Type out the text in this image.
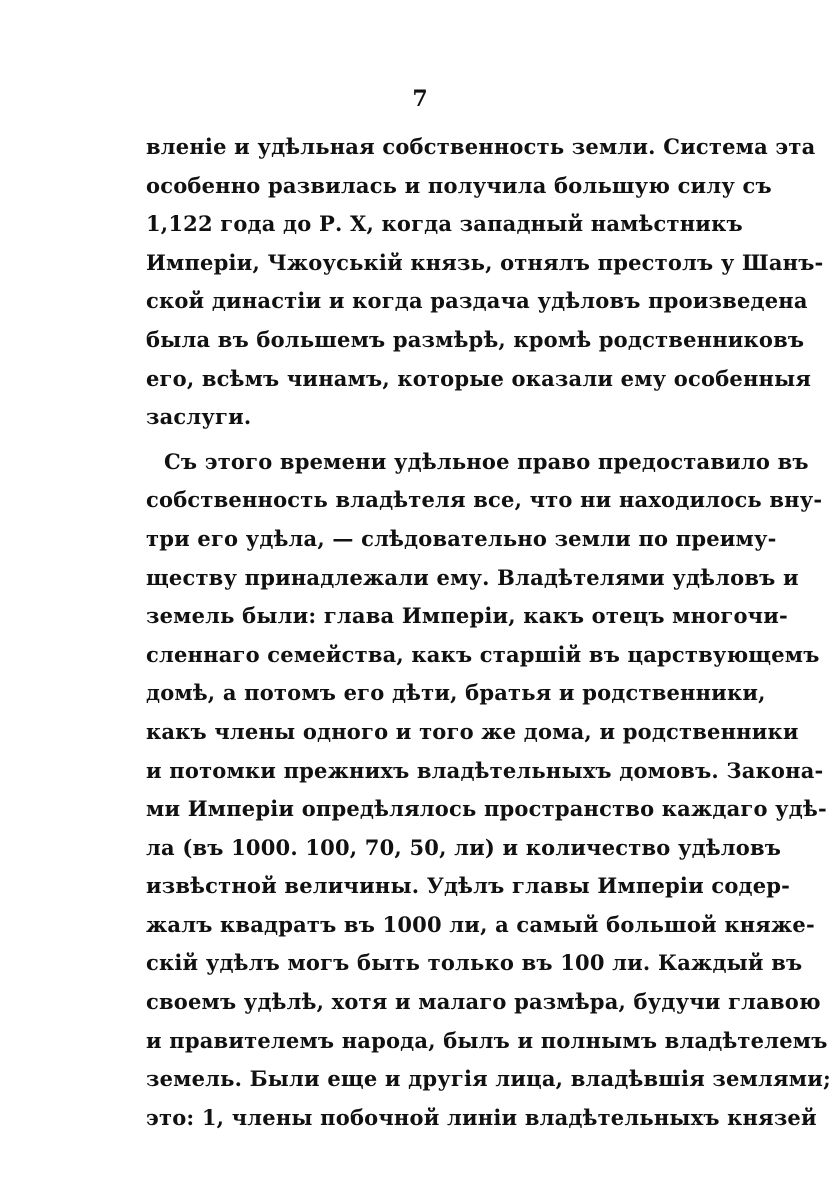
7
вленіе и удѣльная собственность земли. Система эта
особенно развилась и получила большую силу съ
1,122 года до Р. Х, когда западный намѣстникъ
Имперіи, Чжоуській князь, отнялъ престолъ у Шанъ-
ской династіи и когда раздача удѣловъ произведена
была въ большемъ размѣрѣ, кромѣ родственниковъ
его, всѣмъ чинамъ, которые оказали ему особенныя
заслуги.
Съ этого времени удѣльное право предоставило въ
собственность владѣтеля все, что ни находилось вну-
три его удѣла, — слѣдовательно земли по преиму-
ществу принадлежали ему. Владѣтелями удѣловъ и
земель были: глава Имперіи, какъ отецъ многочи-
сленнаго семейства, какъ старшій въ царствующемъ
домѣ, а потомъ его дѣти, братья и родственники,
какъ члены одного и того же дома, и родственники
и потомки прежнихъ владѣтельныхъ домовъ. Закона-
ми Имперіи опредѣлялось пространство каждаго удѣ-
ла (въ 1000. 100, 70, 50, ли) и количество удѣловъ
извѣстной величины. Удѣлъ главы Имперіи содер-
жалъ квадратъ въ 1000 ли, а самый большой княже-
скій удѣлъ могъ быть только въ 100 ли. Каждый въ
своемъ удѣлѣ, хотя и малаго размѣра, будучи главою
и правителемъ народа, былъ и полнымъ владѣтелемъ
земель. Были еще и другія лица, владѣвшія землями;
это: 1, члены побочной линіи владѣтельныхъ князей
